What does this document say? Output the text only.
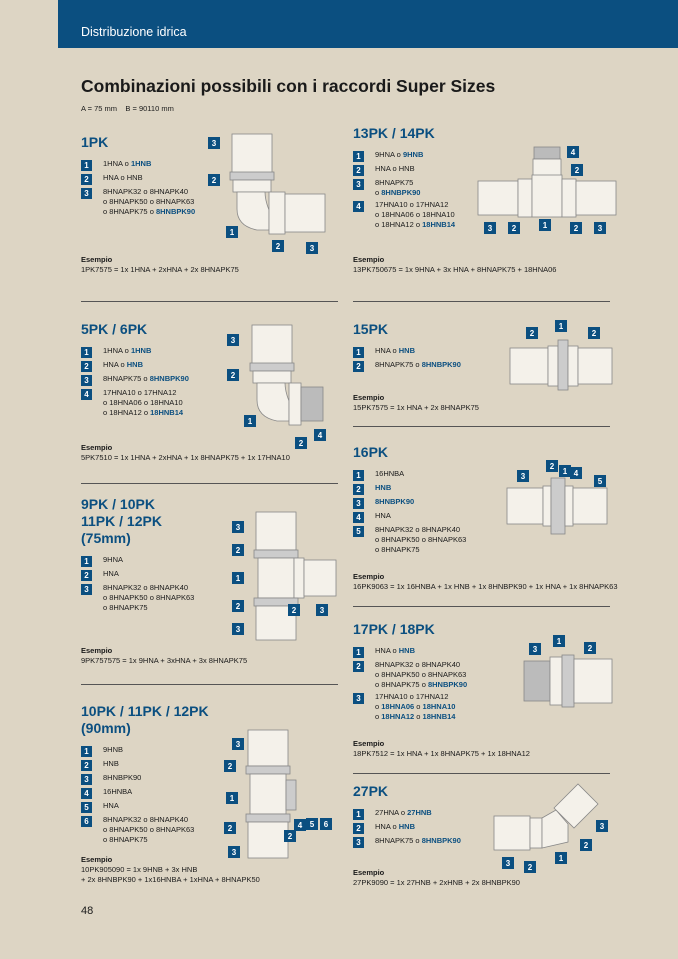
Distribuzione idrica
Combinazioni possibili con i raccordi Super Sizes
A = 75 mm    B = 90110 mm
1PK
1	1HNA o 1HNB
2	HNA o HNB
3	8HNAPK32 o 8HNAPK40
o 8HNAPK50 o 8HNAPK63
o 8HNAPK75 o 8HNBPK90
Esempio
1PK7575 = 1x 1HNA + 2xHNA + 2x 8HNAPK75
13PK / 14PK
1	9HNA o 9HNB
2	HNA o HNB
3	8HNAPK75
o 8HNBPK90
4	17HNA10 o 17HNA12
o 18HNA06 o 18HNA10
o 18HNA12 o 18HNB14
Esempio
13PK750675 = 1x 9HNA + 3x HNA + 8HNAPK75 + 18HNA06
5PK / 6PK
1	1HNA o 1HNB
2	HNA o HNB
3	8HNAPK75 o 8HNBPK90
4	17HNA10 o 17HNA12
o 18HNA06 o 18HNA10
o 18HNA12 o 18HNB14
Esempio
5PK7510 = 1x 1HNA + 2xHNA + 1x 8HNAPK75 + 1x 17HNA10
15PK
1	HNA o HNB
2	8HNAPK75 o 8HNBPK90
Esempio
15PK7575 = 1x HNA + 2x 8HNAPK75
16PK
1	16HNBA
2	HNB
3	8HNBPK90
4	HNA
5	8HNAPK32 o 8HNAPK40
o 8HNAPK50 o 8HNAPK63
o 8HNAPK75
Esempio
16PK9063 = 1x 16HNBA + 1x HNB + 1x 8HNBPK90 + 1x HNA + 1x 8HNAPK63
9PK / 10PK
11PK / 12PK
(75mm)
1	9HNA
2	HNA
3	8HNAPK32 o 8HNAPK40
o 8HNAPK50 o 8HNAPK63
o 8HNAPK75
Esempio
9PK757575 = 1x 9HNA + 3xHNA + 3x 8HNAPK75
17PK / 18PK
1	HNA o HNB
2	8HNAPK32 o 8HNAPK40
o 8HNAPK50 o 8HNAPK63
o 8HNAPK75 o 8HNBPK90
3	17HNA10 o 17HNA12
o 18HNA06 o 18HNA10
o 18HNA12 o 18HNB14
Esempio
18PK7512 = 1x HNA + 1x 8HNAPK75 + 1x 18HNA12
10PK / 11PK / 12PK (90mm)
1	9HNB
2	HNB
3	8HNBPK90
4	16HNBA
5	HNA
6	8HNAPK32 o 8HNAPK40
o 8HNAPK50 o 8HNAPK63
o 8HNAPK75
Esempio
10PK905090 = 1x 9HNB + 3x HNB
+ 2x 8HNBPK90 + 1x16HNBA + 1xHNA + 8HNAPK50
27PK
1	27HNA o 27HNB
2	HNA o HNB
3	8HNAPK75 o 8HNBPK90
Esempio
27PK9090 = 1x 27HNB + 2xHNB + 2x 8HNBPK90
48
3
2
1
2	3
4
2
3 2	1	2 3
3
2
1
2
4
2
1
2
3
2
1 4
5
3
2
1
2	2	3
3
3
1
2
3
2
1
2
2
4 5 6
3
3
2
1
3 2
